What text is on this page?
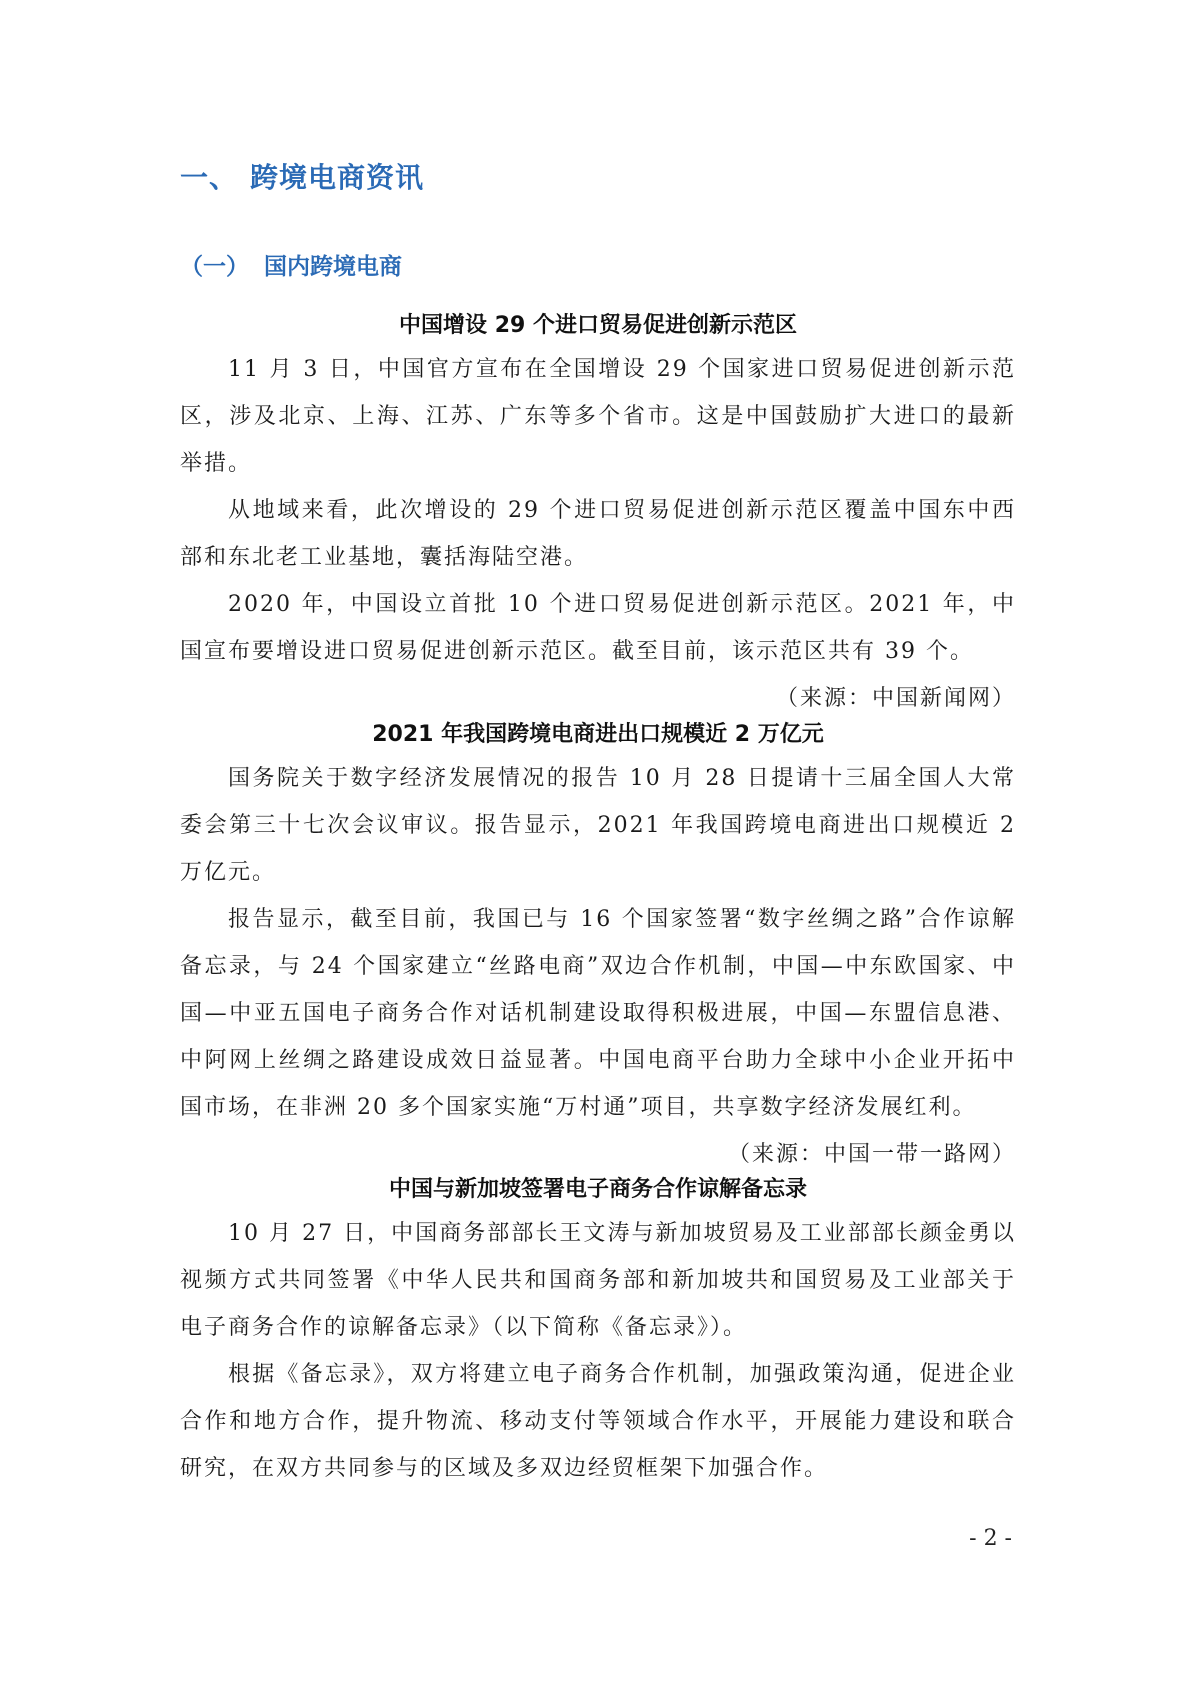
一、 跨境电商资讯
（一） 国内跨境电商
中国增设 29 个进口贸易促进创新示范区

11 月 3 日，中国官方宣布在全国增设 29 个国家进口贸易促进创新示范区，涉及北京、上海、江苏、广东等多个省市。这是中国鼓励扩大进口的最新举措。

从地域来看，此次增设的 29 个进口贸易促进创新示范区覆盖中国东中西部和东北老工业基地，囊括海陆空港。

2020 年，中国设立首批 10 个进口贸易促进创新示范区。2021 年，中国宣布要增设进口贸易促进创新示范区。截至目前，该示范区共有 39 个。

（来源：中国新闻网）
2021 年我国跨境电商进出口规模近 2 万亿元

国务院关于数字经济发展情况的报告 10 月 28 日提请十三届全国人大常委会第三十七次会议审议。报告显示，2021 年我国跨境电商进出口规模近 2 万亿元。

报告显示，截至目前，我国已与 16 个国家签署“数字丝绸之路”合作谅解备忘录，与 24 个国家建立“丝路电商”双边合作机制，中国—中东欧国家、中国—中亚五国电子商务合作对话机制建设取得积极进展，中国—东盟信息港、中阿网上丝绸之路建设成效日益显著。中国电商平台助力全球中小企业开拓中国市场，在非洲 20 多个国家实施“万村通”项目，共享数字经济发展红利。

（来源：中国一带一路网）
中国与新加坡签署电子商务合作谅解备忘录

10 月 27 日，中国商务部部长王文涛与新加坡贸易及工业部部长颜金勇以视频方式共同签署《中华人民共和国商务部和新加坡共和国贸易及工业部关于电子商务合作的谅解备忘录》（以下简称《备忘录》）。

根据《备忘录》，双方将建立电子商务合作机制，加强政策沟通，促进企业合作和地方合作，提升物流、移动支付等领域合作水平，开展能力建设和联合研究，在双方共同参与的区域及多双边经贸框架下加强合作。

- 2 -
